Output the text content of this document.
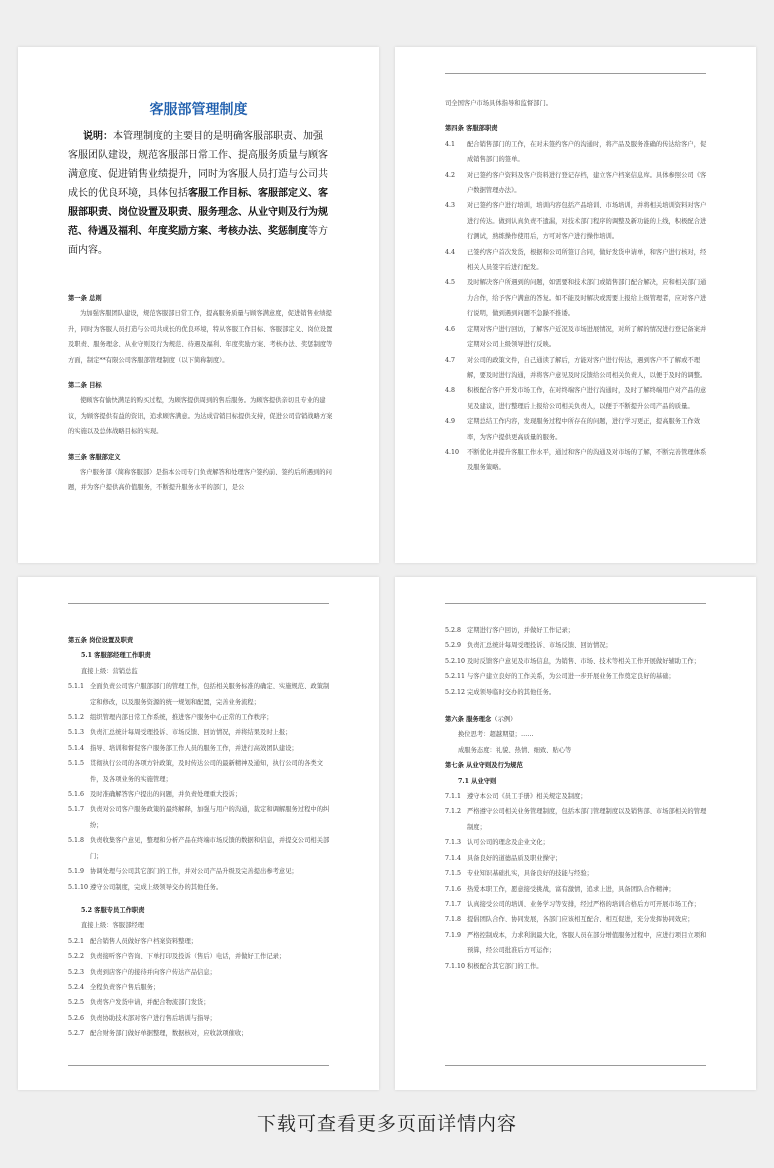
客服部管理制度
说明：本管理制度的主要目的是明确客服部职责、加强客服团队建设，规范客服部日常工作、提高服务质量与顾客满意度、促进销售业绩提升，同时为客服人员打造与公司共成长的优良环境，具体包括客服工作目标、客服部定义、客服部职责、岗位设置及职责、服务理念、从业守则及行为规范、待遇及福利、年度奖励方案、考核办法、奖惩制度等方面内容。
第一条 总则
为加强客服团队建设，规范客服部日常工作，提高服务质量与顾客满意度，促进销售业绩提升，同时为客服人员打造与公司共成长的优良环境，特从客服工作目标、客服部定义、岗位设置及职责、服务理念、从业守则及行为规范、待遇及福利、年度奖励方案、考核办法、奖惩制度等方面，制定**有限公司客服部管理制度（以下简称制度）。
第二条 目标
使顾客有愉快满足的购买过程，为顾客提供周到的售后服务。为顾客提供亲切且专业的建议，为顾客提供有益的资讯，追求顾客满意。为达成营销目标提供支持，促进公司营销战略方案的实施以及总体战略目标的实现。
第三条 客服部定义
客户服务部（简称客服部）是指本公司专门负责解答和处理客户签约前、签约后所遇到的问题，并为客户提供高价值服务，不断提升服务水平的部门，是公
司全国客户市场具体指导和监督部门。
第四条 客服部职责
4.1	配合销售部门的工作，在对未签约客户的沟通时，将产品及服务准确的传达给客户，促成销售部门的签单。
4.2	对已签约客户资料及客户资料进行登记存档，建立客户档案信息库。具体参照公司《客户数据管理办法》。
4.3	对已签约客户进行培训，培训内容包括产品培训、市场培训，并将相关培训资料对客户进行传达。做到认真负责不遗漏，对技术部门程序的调整及新功能的上线，积极配合进行测试，熟练操作使用后，方可对客户进行操作培训。
4.4	已签约客户首次发货，根据和公司所签订合同，做好发货申请单，和客户进行核对，经相关人员签字后进行配发。
4.5	及时解决客户所遇到的问题，如需要和技术部门或销售部门配合解决，应和相关部门通力合作，给予客户满意的答复。如不能及时解决或需要上报给上级管理者，应对客户进行说明，做到遇到问题不急躁不推诿。
4.6	定期对客户进行回访，了解客户近况及市场进展情况，对所了解的情况进行登记备案并定期对公司上级领导进行反映。
4.7	对公司的政策文件，自己通读了解后，方能对客户进行传达，遇到客户不了解或不理解，要及时进行沟通，并将客户意见及时反馈给公司相关负责人，以便于及时的调整。
4.8	积极配合客户开发市场工作，在对终端客户进行沟通时，及时了解终端用户对产品的意见及建议，进行整理后上报给公司相关负责人，以便于不断提升公司产品的质量。
4.9	定期总结工作内容，发现服务过程中所存在的问题，进行学习更正，提高服务工作效率，为客户提供更高质量的服务。
4.10	不断优化并提升客服工作水平，通过和客户的沟通及对市场的了解，不断完善管理体系及服务策略。
第五条 岗位设置及职责
5.1 客服部经理工作职责
直接上级：营销总监
5.1.1 全面负责公司客户服部部门的管理工作，包括相关服务标准的确定、实施规范、政策制定和修改，以及服务资源的统一规划和配置，完善业务流程；
5.1.2 组织管理内部日常工作系统，推进客户服务中心正常的工作秩序；
5.1.3 负责汇总统计每周受理投诉、市场反馈、回访情况，并将结果及时上报；
5.1.4 指导、培训和督促客户服务部工作人员的服务工作，并进行高效团队建设；
5.1.5 贯彻执行公司的各项方针政策，及时传达公司的最新精神及通知，执行公司的各类文件，及各项业务的实施管理；
5.1.6 及时准确解答客户提出的问题，并负责处理重大投诉；
5.1.7 负责对公司客户服务政策的最终解释，加强与用户的沟通，裁定和调解服务过程中的纠纷；
5.1.8 负责收集客户意见，整理和分析产品在终端市场反馈的数据和信息，并提交公司相关部门；
5.1.9 协调处理与公司其它部门的工作，并对公司产品升级及完善提出参考意见；
5.1.10 遵守公司制度，完成上级领导交办的其他任务。
5.2 客服专员工作职责
直接上级：客服部经理
5.2.1 配合销售人员做好客户档案资料整理；
5.2.2 负责接听客户咨询、下单打印及投诉（售后）电话，并做好工作记录；
5.2.3 负责到店客户的接待并向客户传达产品信息；
5.2.4 全程负责客户售后服务；
5.2.5 负责客户发货申请，并配合物流部门发货；
5.2.6 负责协助技术部对客户进行售后培训与指导；
5.2.7 配合财务部门做好单据整理，数据核对，应收款项催收；
5.2.8 定期进行客户回访，并做好工作记录；
5.2.9 负责汇总统计每周受理投诉、市场反馈、回访情况；
5.2.10 及时反馈客户意见及市场信息，为销售、市场、技术等相关工作开展做好辅助工作；
5.2.11 与客户建立良好的工作关系，为公司进一步开展业务工作奠定良好的基础；
5.2.12 完成领导临时交办的其他任务。
第六条 服务理念（示例）
换位思考：超越期望；……
成服务态度：礼貌、热情、细致、贴心等
第七条 从业守则及行为规范
7.1 从业守则
7.1.1 遵守本公司《员工手册》相关规定及制度；
7.1.2 严格遵守公司相关业务管理制度，包括本部门管理制度以及销售部、市场部相关的管理制度；
7.1.3 认可公司的理念及企业文化；
7.1.4 具备良好的道德品质及职业操守；
7.1.5 专业知识基础扎实，具备良好的技能与经验；
7.1.6 热爱本职工作，愿意接受挑战，富有激情，追求上进，具备团队合作精神；
7.1.7 认真接受公司的培训、业务学习等安排，经过严格的培训合格后方可开展市场工作；
7.1.8 提倡团队合作、协同发展，各部门应该相互配合、相互促进，充分发挥协同效应；
7.1.9 严格控制成本，力求利润最大化，客服人员在部分增值服务过程中，应进行项目立项和预算，经公司批准后方可运作；
7.1.10 积极配合其它部门的工作。
下载可查看更多页面详情内容
